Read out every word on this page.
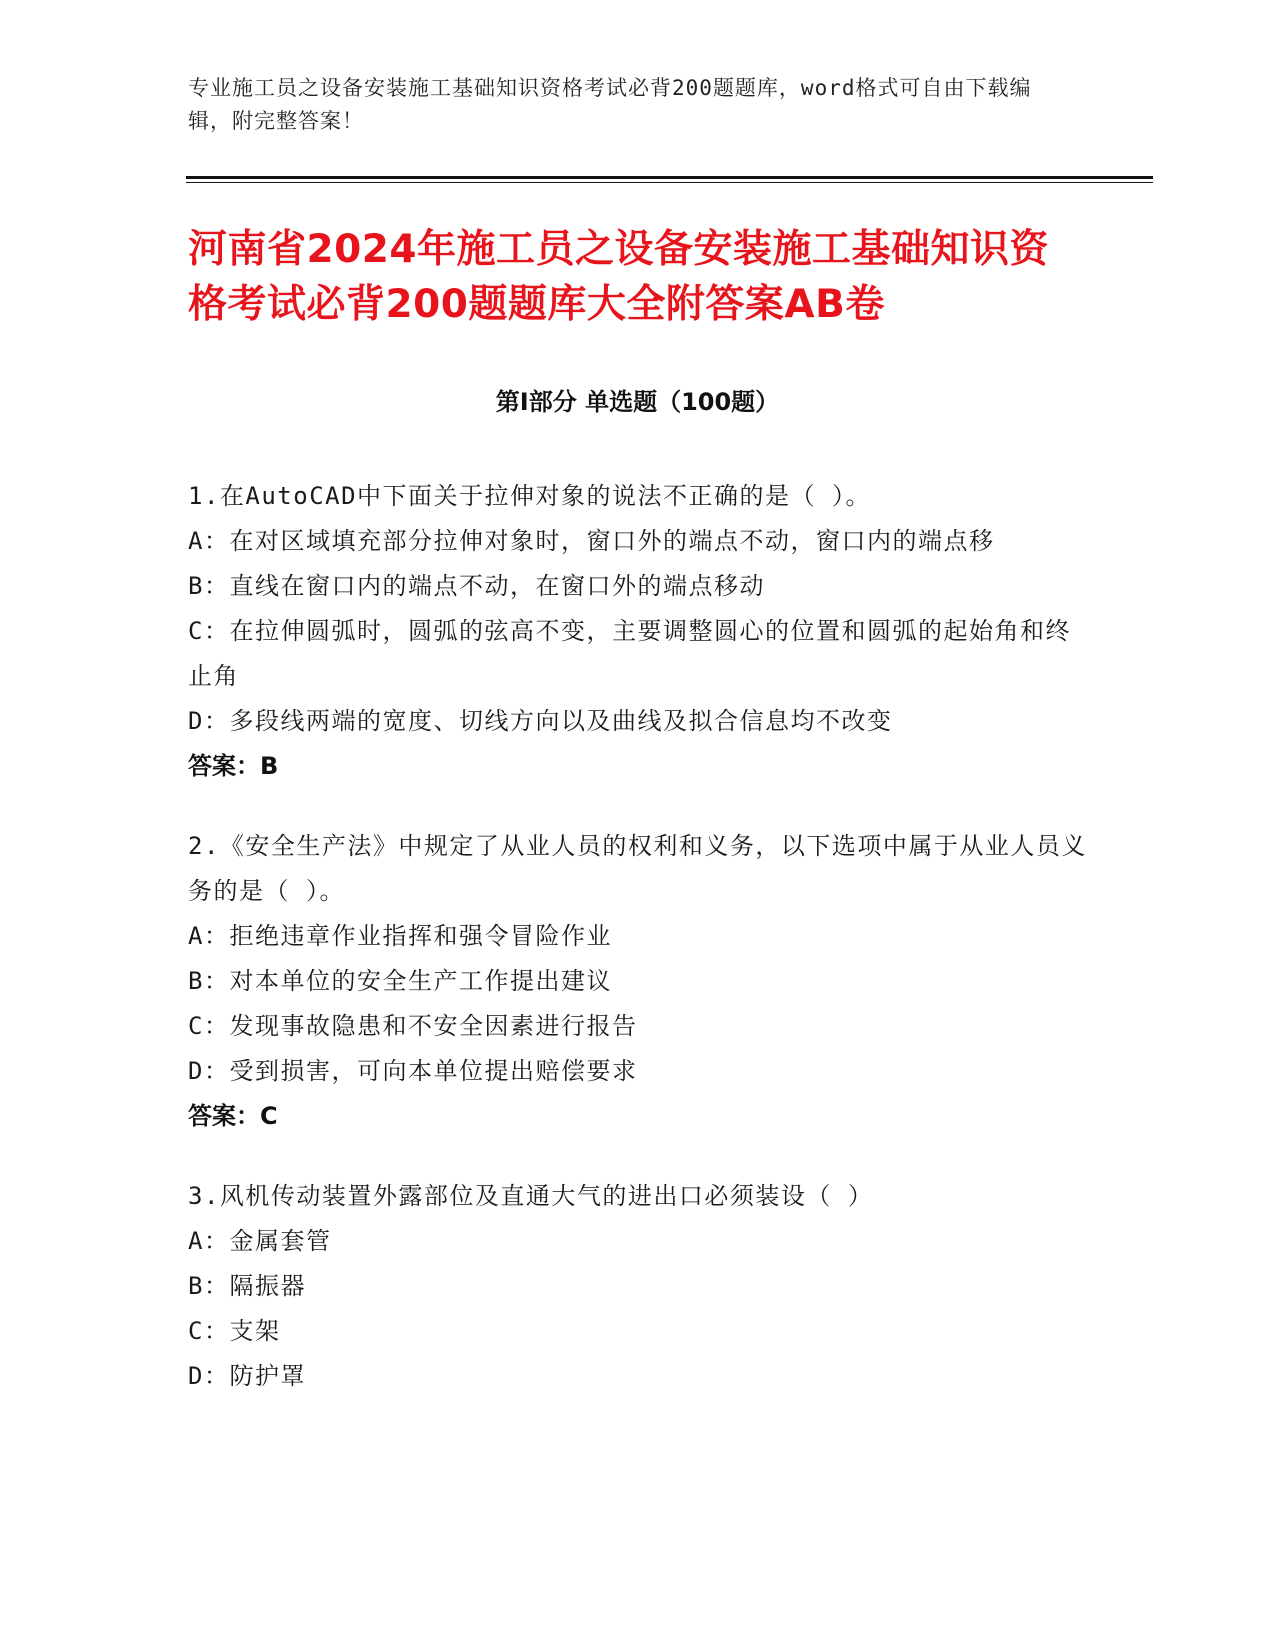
专业施工员之设备安装施工基础知识资格考试必背200题题库，word格式可自由下载编辑，附完整答案！
河南省2024年施工员之设备安装施工基础知识资格考试必背200题题库大全附答案AB卷
第I部分 单选题（100题）
1.在AutoCAD中下面关于拉伸对象的说法不正确的是（ ）。
A：在对区域填充部分拉伸对象时，窗口外的端点不动，窗口内的端点移
B：直线在窗口内的端点不动，在窗口外的端点移动
C：在拉伸圆弧时，圆弧的弦高不变，主要调整圆心的位置和圆弧的起始角和终止角
D：多段线两端的宽度、切线方向以及曲线及拟合信息均不改变
答案：B
2.《安全生产法》中规定了从业人员的权利和义务，以下选项中属于从业人员义务的是（ ）。
A：拒绝违章作业指挥和强令冒险作业
B：对本单位的安全生产工作提出建议
C：发现事故隐患和不安全因素进行报告
D：受到损害，可向本单位提出赔偿要求
答案：C
3.风机传动装置外露部位及直通大气的进出口必须装设（ ）
A：金属套管
B：隔振器
C：支架
D：防护罩
